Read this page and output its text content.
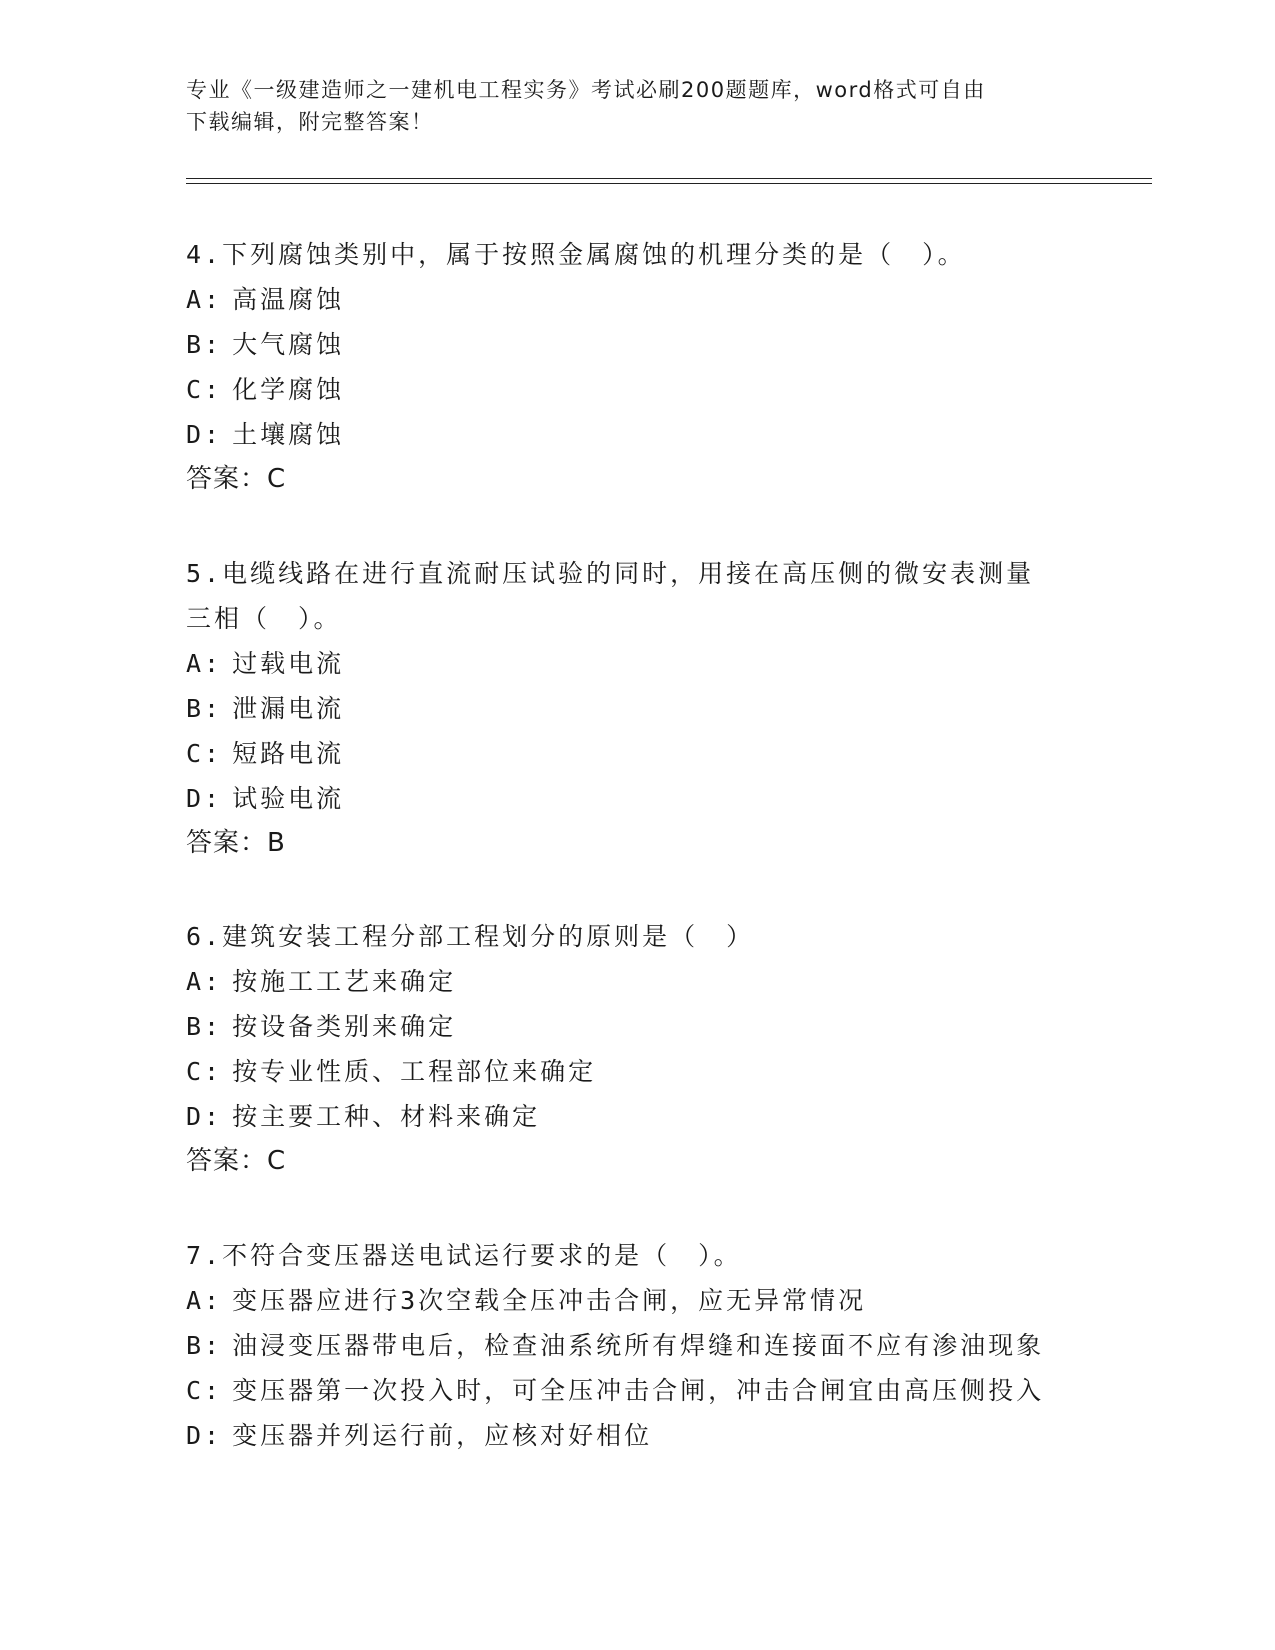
专业《一级建造师之一建机电工程实务》考试必刷200题题库，word格式可自由
下载编辑，附完整答案！
4.下列腐蚀类别中，属于按照金属腐蚀的机理分类的是（　）。
A: 高温腐蚀
B: 大气腐蚀
C: 化学腐蚀
D: 土壤腐蚀
答案：C
5.电缆线路在进行直流耐压试验的同时，用接在高压侧的微安表测量
三相（　）。
A: 过载电流
B: 泄漏电流
C: 短路电流
D: 试验电流
答案：B
6.建筑安装工程分部工程划分的原则是（　）
A: 按施工工艺来确定
B: 按设备类别来确定
C: 按专业性质、工程部位来确定
D: 按主要工种、材料来确定
答案：C
7.不符合变压器送电试运行要求的是（　）。
A: 变压器应进行3次空载全压冲击合闸，应无异常情况
B: 油浸变压器带电后，检查油系统所有焊缝和连接面不应有渗油现象
C: 变压器第一次投入时，可全压冲击合闸，冲击合闸宜由高压侧投入
D: 变压器并列运行前，应核对好相位
